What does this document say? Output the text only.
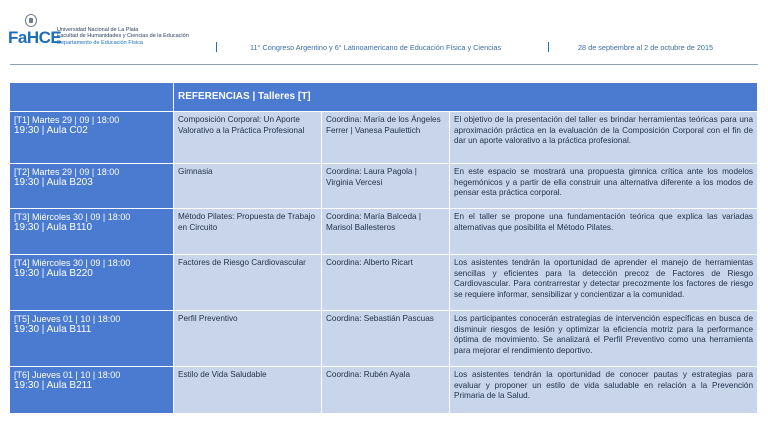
FaHCE
Universidad Nacional de La Plata
Facultad de Humanidades y Ciencias de la Educación
Departamento de Educación Física
11° Congreso Argentino y 6° Latinoamericano de Educación Física y Ciencias	28 de septiembre al 2 de octubre de 2015
	REFERENCIAS | Talleres [T]		

[T1] Martes 29 | 09 | 18:00
19:30 | Aula C02	Composición Corporal: Un Aporte Valorativo a la Práctica Profesional	Coordina: María de los Ángeles Ferrer | Vanesa Paulettich	El objetivo de la presentación del taller es brindar herramientas teóricas para una aproximación práctica en la evaluación de la Composición Corporal con el fin de dar un aporte valorativo a la práctica profesional.

[T2] Martes 29 | 09 | 18:00
19:30 | Aula B203	Gimnasia	Coordina: Laura Pagola | Virginia Vercesi	En este espacio se mostrará una propuesta gimnica crítica ante los modelos hegemónicos y a partir de ella construir una alternativa diferente a los modos de pensar esta práctica corporal.

[T3] Miércoles 30 | 09 | 18:00
19:30 | Aula B110	Método Pilates: Propuesta de Trabajo en Circuito	Coordina: María Balceda | Marisol Ballesteros	En el taller se propone una fundamentación teórica que explica las variadas alternativas que posibilita el Método Pilates.

[T4] Miércoles 30 | 09 | 18:00
19:30 | Aula B220	Factores de Riesgo Cardiovascular	Coordina: Alberto Ricart	Los asistentes tendrán la oportunidad de aprender el manejo de herramientas sencillas y eficientes para la detección precoz de Factores de Riesgo Cardiovascular. Para contrarrestar y detectar precozmente los factores de riesgo se requiere informar, sensibilizar y concientizar a la comunidad.

[T5] Jueves 01 | 10 | 18:00
19:30 | Aula B111	Perfil Preventivo	Coordina: Sebastián Pascuas	Los participantes conocerán estrategias de intervención específicas en busca de disminuir riesgos de lesión y optimizar la eficiencia motriz para la performance óptima de movimiento. Se analizará el Perfil Preventivo como una herramienta para mejorar el rendimiento deportivo.

[T6] Jueves 01 | 10 | 18:00
19:30 | Aula B211	Estilo de Vida Saludable	Coordina: Rubén Ayala	Los asistentes tendrán la oportunidad de conocer pautas y estrategias para evaluar y proponer un estilo de vida saludable en relación a la Prevención Primaria de la Salud.
